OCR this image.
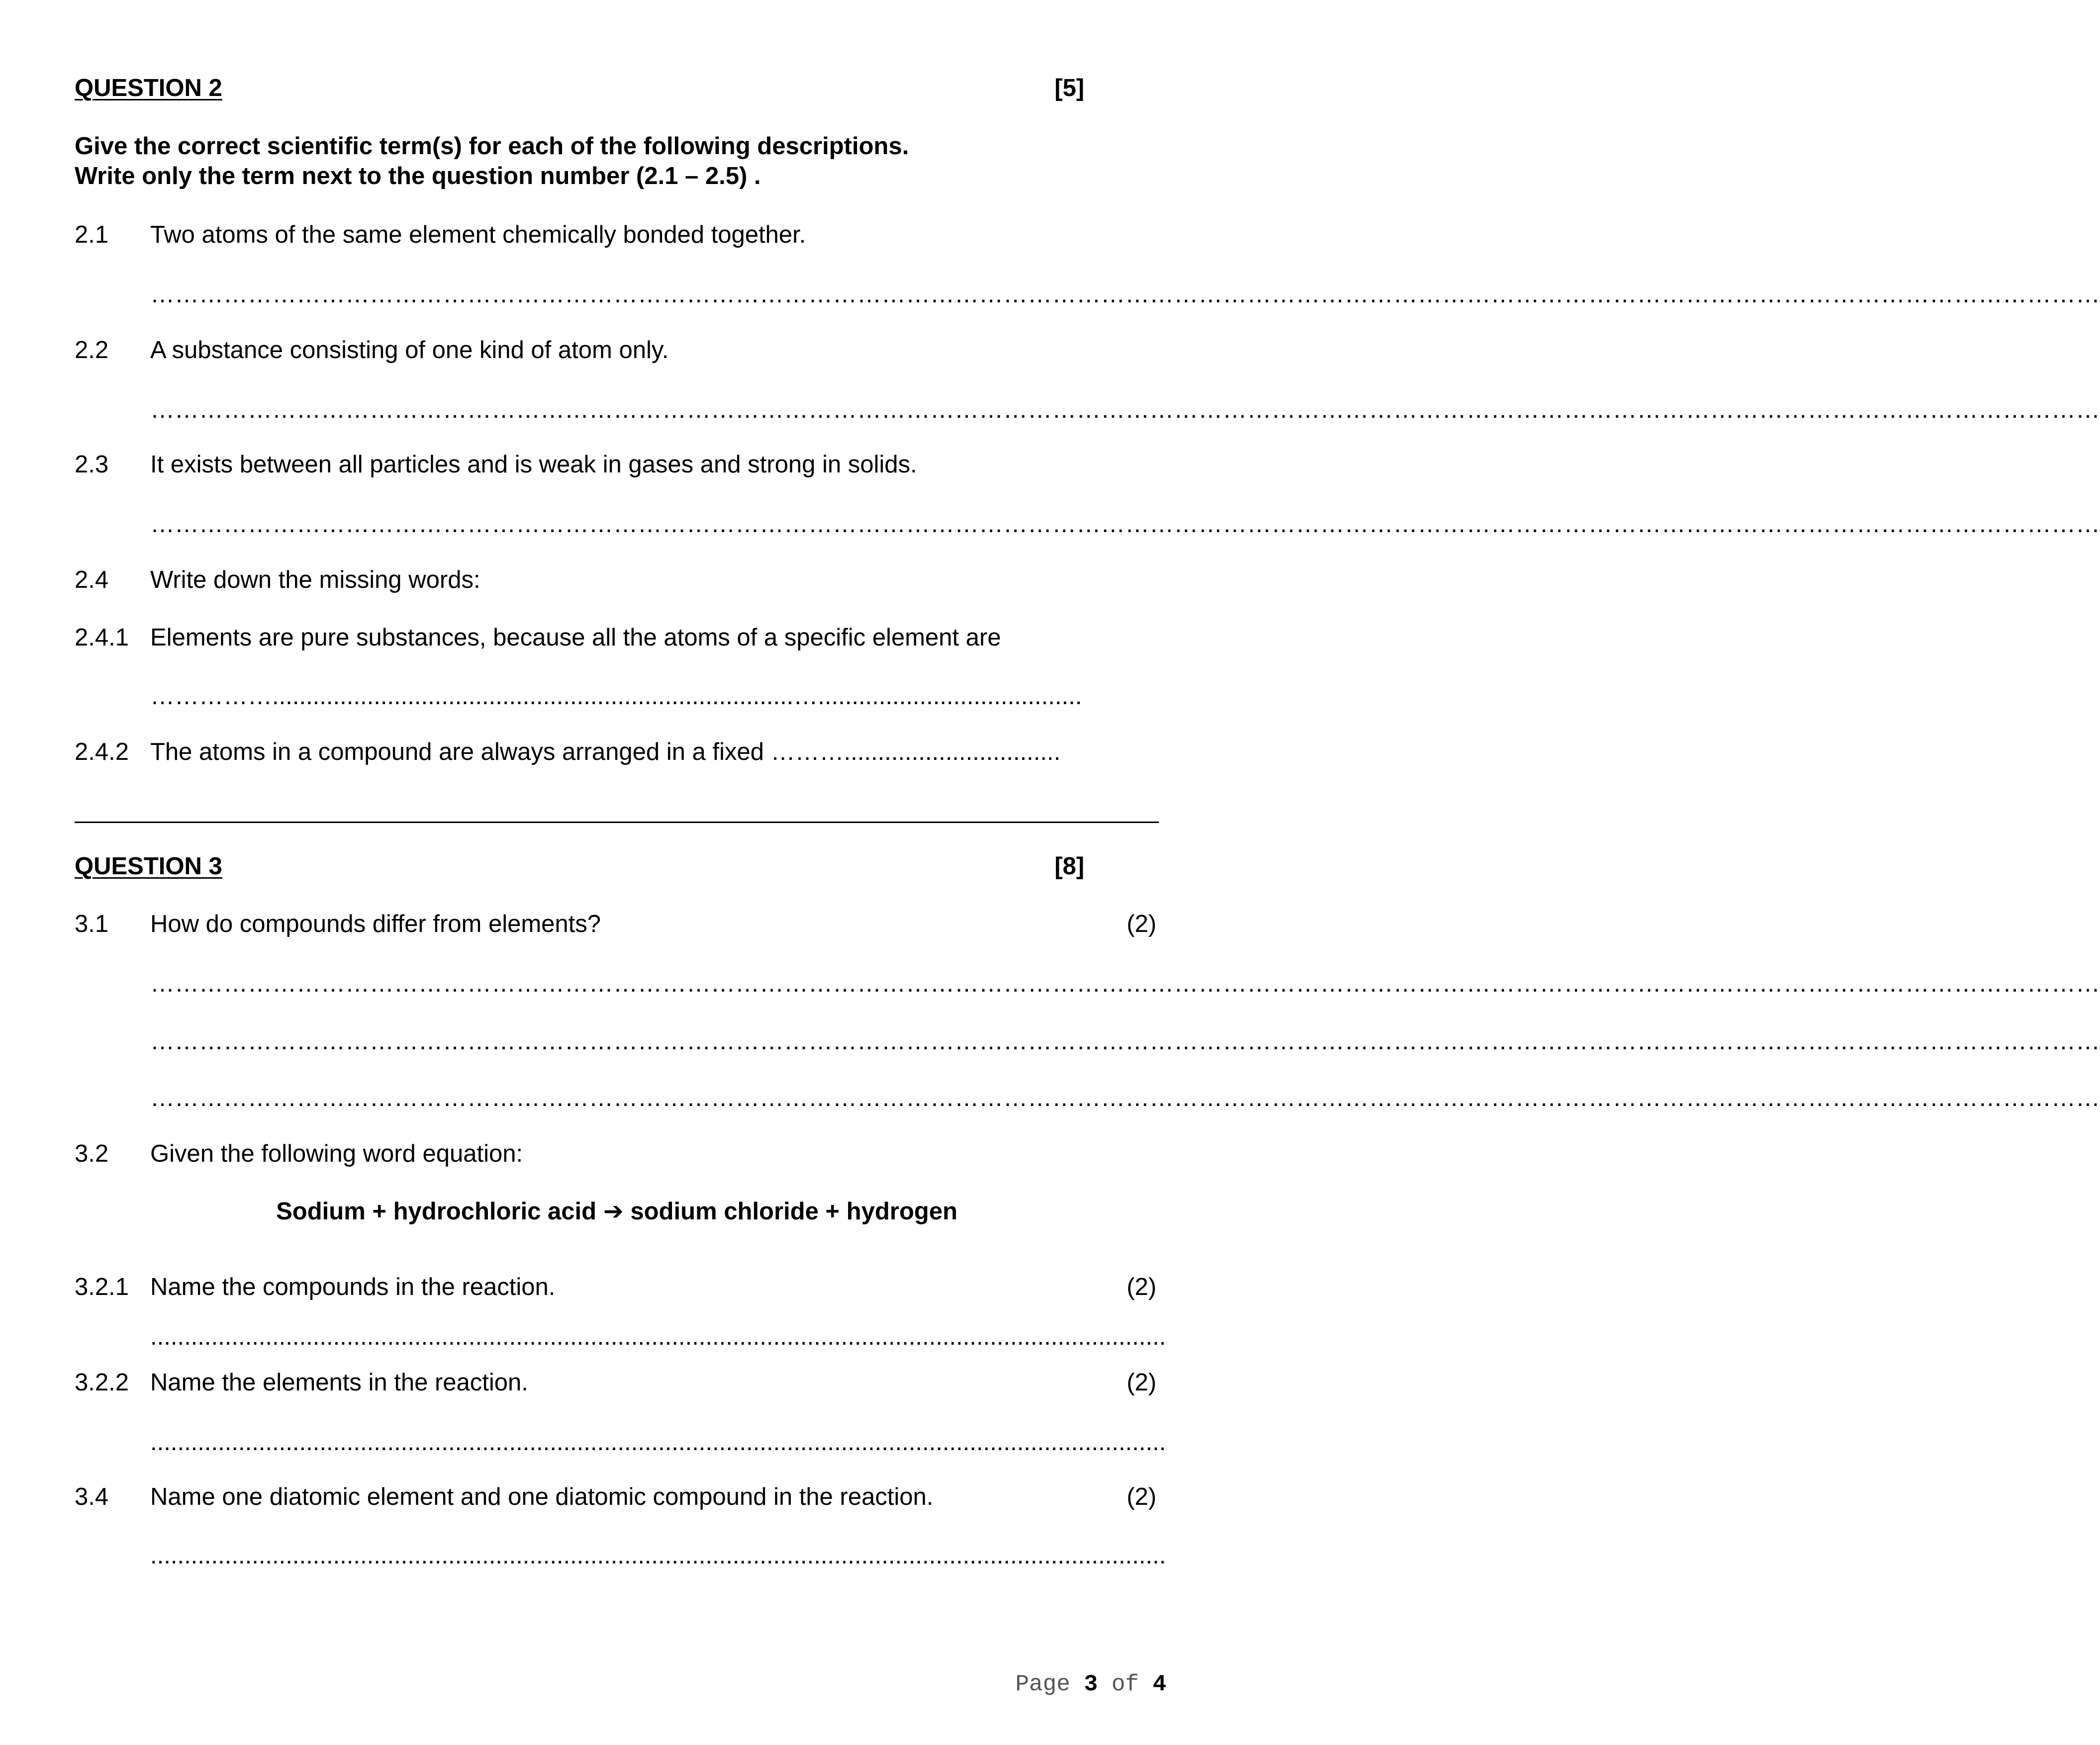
QUESTION 2	[5]
Give the correct scientific term(s) for each of the following descriptions.
Write only the term next to the question number (2.1 – 2.5) .
2.1 Two atoms of the same element chemically bonded together.
……………………………………………………………………………………………………………………………………………………………………………………………………………………
2.2 A substance consisting of one kind of atom only.
……………………………………………………………………………………………………………………………………………………………………………………………………………………
2.3 It exists between all particles and is weak in gases and strong in solids.
……………………………………………………………………………………………………………………………………………………………………………………………………………………
2.4 Write down the missing words:
2.4.1 Elements are pure substances, because all the atoms of a specific element are
…………….............................................................................….......................................
2.4.2 The atoms in a compound are always arranged in a fixed ………................................
QUESTION 3	[8]
3.1 How do compounds differ from elements?	(2)
……………………………………………………………………………………………………………………………………………………………………………………………………………………
……………………………………………………………………………………………………………………………………………………………………………………………………………………
……………………………………………………………………………………………………………………………………………………………………………………………………………………
3.2 Given the following word equation:
Sodium + hydrochloric acid ➔ sodium chloride + hydrogen
3.2.1 Name the compounds in the reaction.	(2)
......................................................................................................................................................
3.2.2 Name the elements in the reaction.	(2)
......................................................................................................................................................
3.4 Name one diatomic element and one diatomic compound in the reaction.	(2)
......................................................................................................................................................
Page 3 of 4
